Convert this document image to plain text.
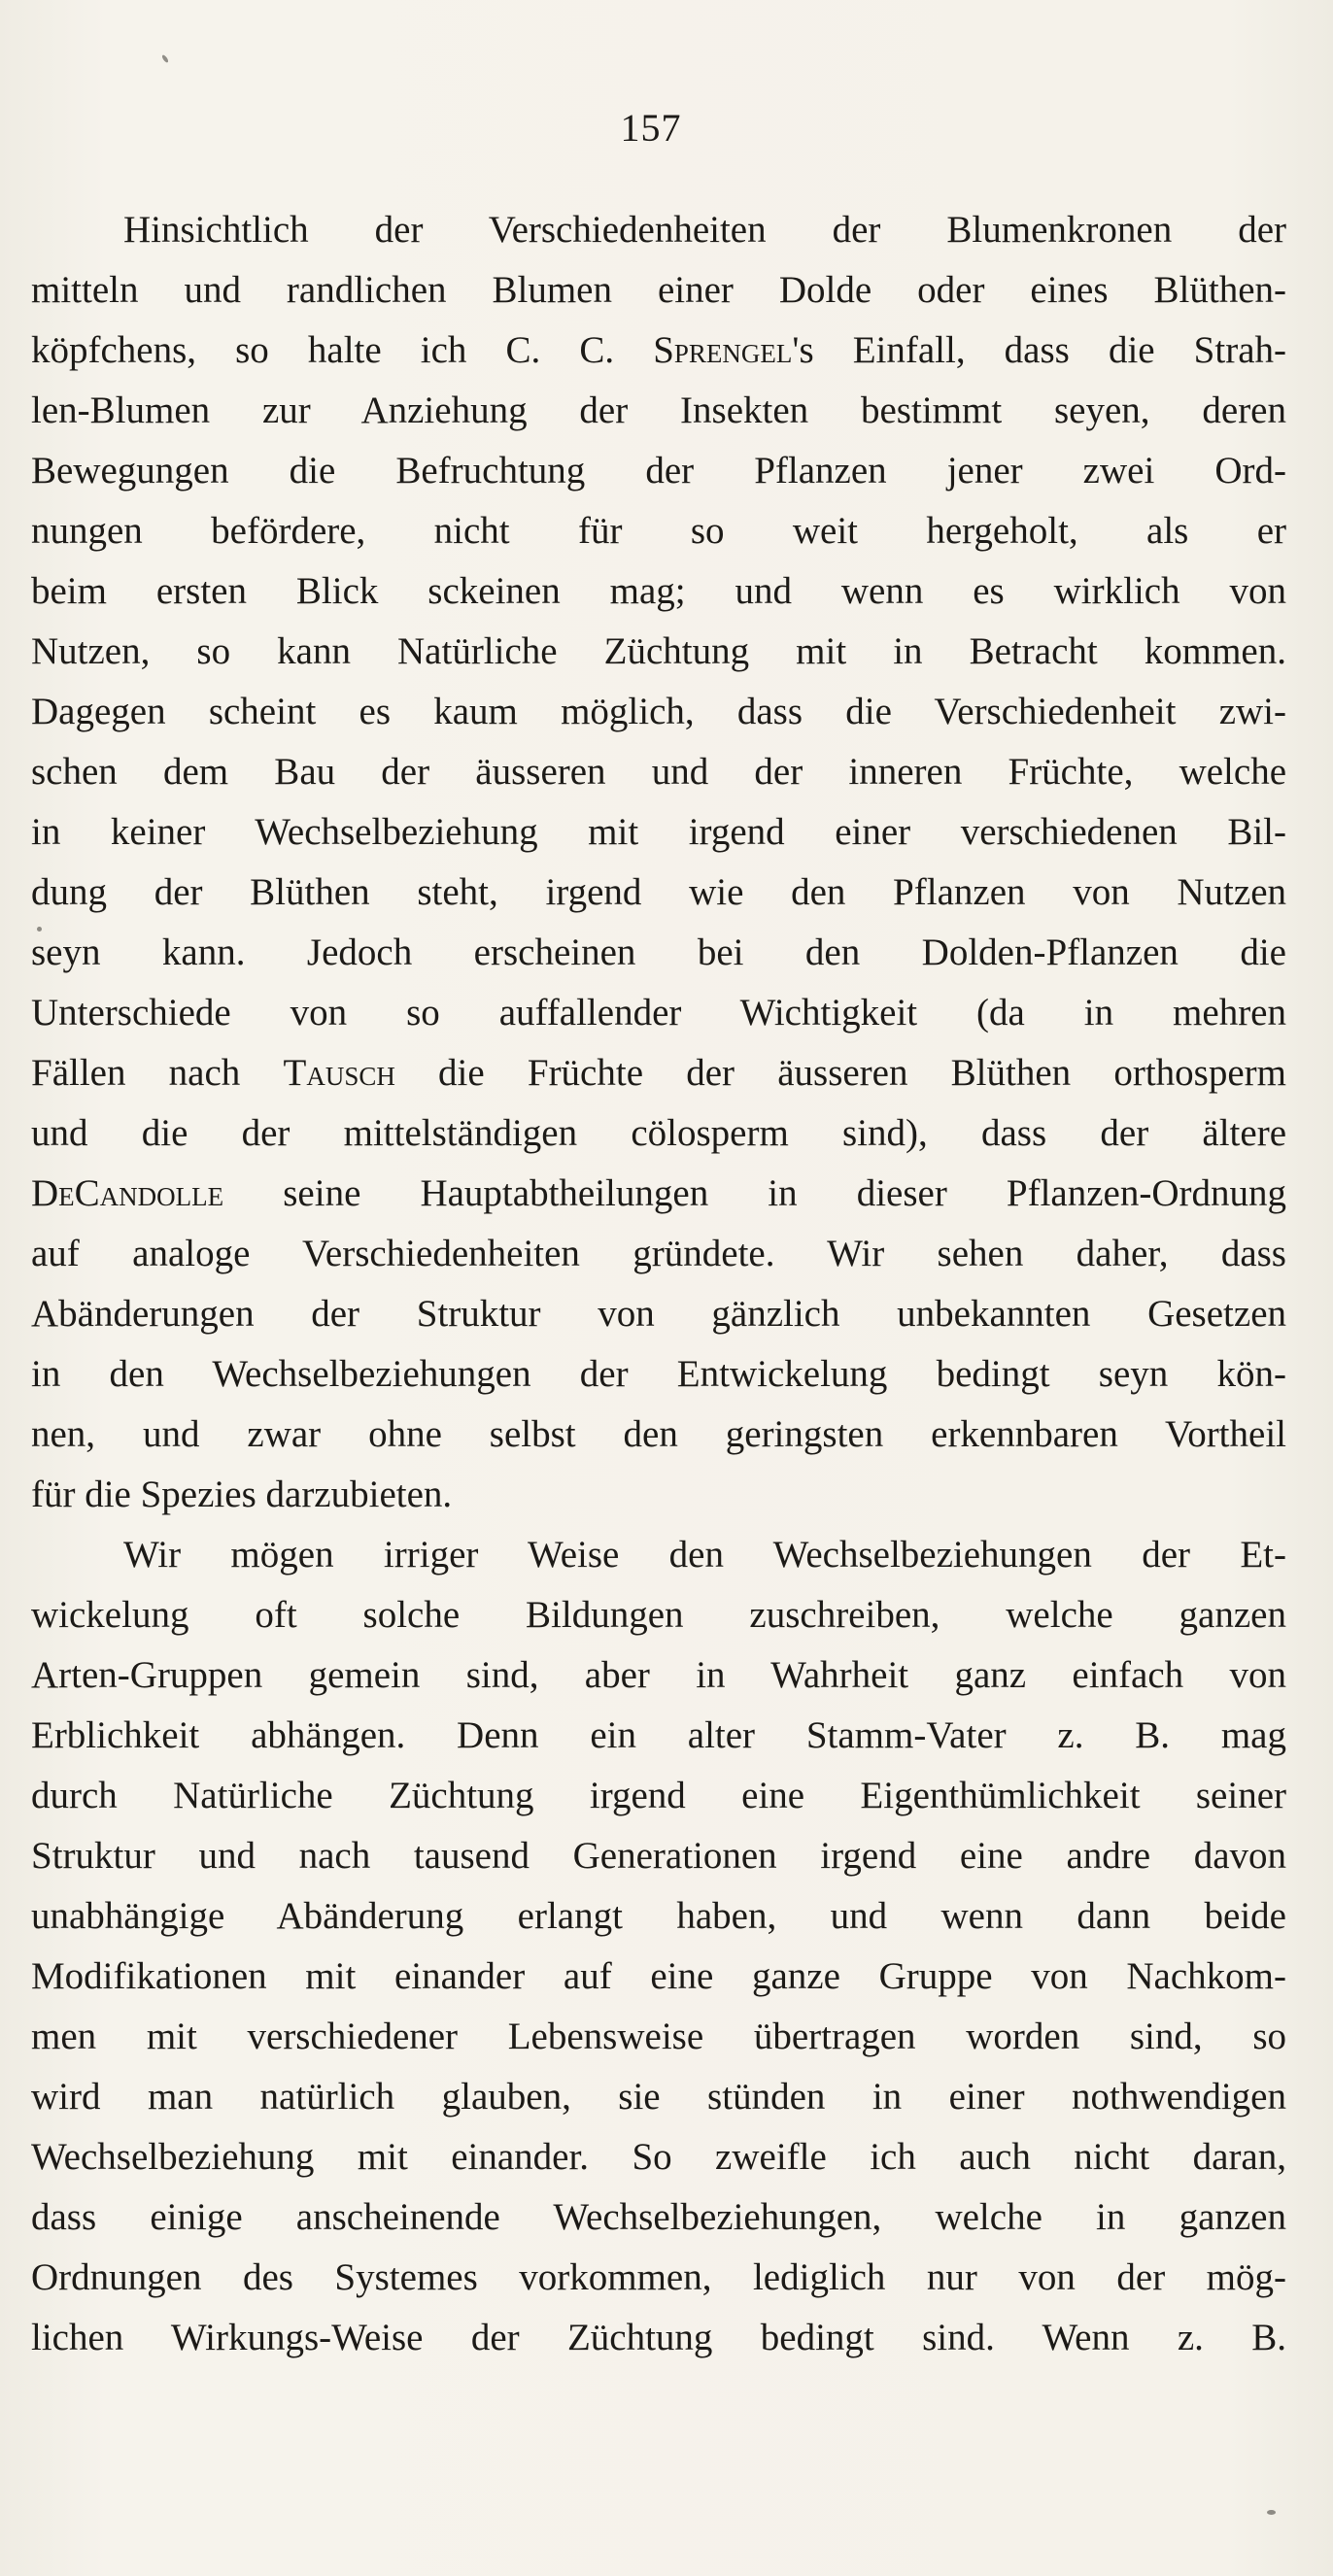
157
Hinsichtlich der Verschiedenheiten der Blumenkronen der
mitteln und randlichen Blumen einer Dolde oder eines Blüthen-
köpfchens, so halte ich C. C. Sprengel's Einfall, dass die Strah-
len-Blumen zur Anziehung der Insekten bestimmt seyen, deren
Bewegungen die Befruchtung der Pflanzen jener zwei Ord-
nungen befördere, nicht für so weit hergeholt, als er
beim ersten Blick sckeinen mag; und wenn es wirklich von
Nutzen, so kann Natürliche Züchtung mit in Betracht kommen.
Dagegen scheint es kaum möglich, dass die Verschiedenheit zwi-
schen dem Bau der äusseren und der inneren Früchte, welche
in keiner Wechselbeziehung mit irgend einer verschiedenen Bil-
dung der Blüthen steht, irgend wie den Pflanzen von Nutzen
seyn kann. Jedoch erscheinen bei den Dolden-Pflanzen die
Unterschiede von so auffallender Wichtigkeit (da in mehren
Fällen nach Tausch die Früchte der äusseren Blüthen orthosperm
und die der mittelständigen cölosperm sind), dass der ältere
DeCandolle seine Hauptabtheilungen in dieser Pflanzen-Ordnung
auf analoge Verschiedenheiten gründete. Wir sehen daher, dass
Abänderungen der Struktur von gänzlich unbekannten Gesetzen
in den Wechselbeziehungen der Entwickelung bedingt seyn kön-
nen, und zwar ohne selbst den geringsten erkennbaren Vortheil
für die Spezies darzubieten.
Wir mögen irriger Weise den Wechselbeziehungen der Et-
wickelung oft solche Bildungen zuschreiben, welche ganzen
Arten-Gruppen gemein sind, aber in Wahrheit ganz einfach von
Erblichkeit abhängen. Denn ein alter Stamm-Vater z. B. mag
durch Natürliche Züchtung irgend eine Eigenthümlichkeit seiner
Struktur und nach tausend Generationen irgend eine andre davon
unabhängige Abänderung erlangt haben, und wenn dann beide
Modifikationen mit einander auf eine ganze Gruppe von Nachkom-
men mit verschiedener Lebensweise übertragen worden sind, so
wird man natürlich glauben, sie stünden in einer nothwendigen
Wechselbeziehung mit einander. So zweifle ich auch nicht daran,
dass einige anscheinende Wechselbeziehungen, welche in ganzen
Ordnungen des Systemes vorkommen, lediglich nur von der mög-
lichen Wirkungs-Weise der Züchtung bedingt sind. Wenn z. B.
